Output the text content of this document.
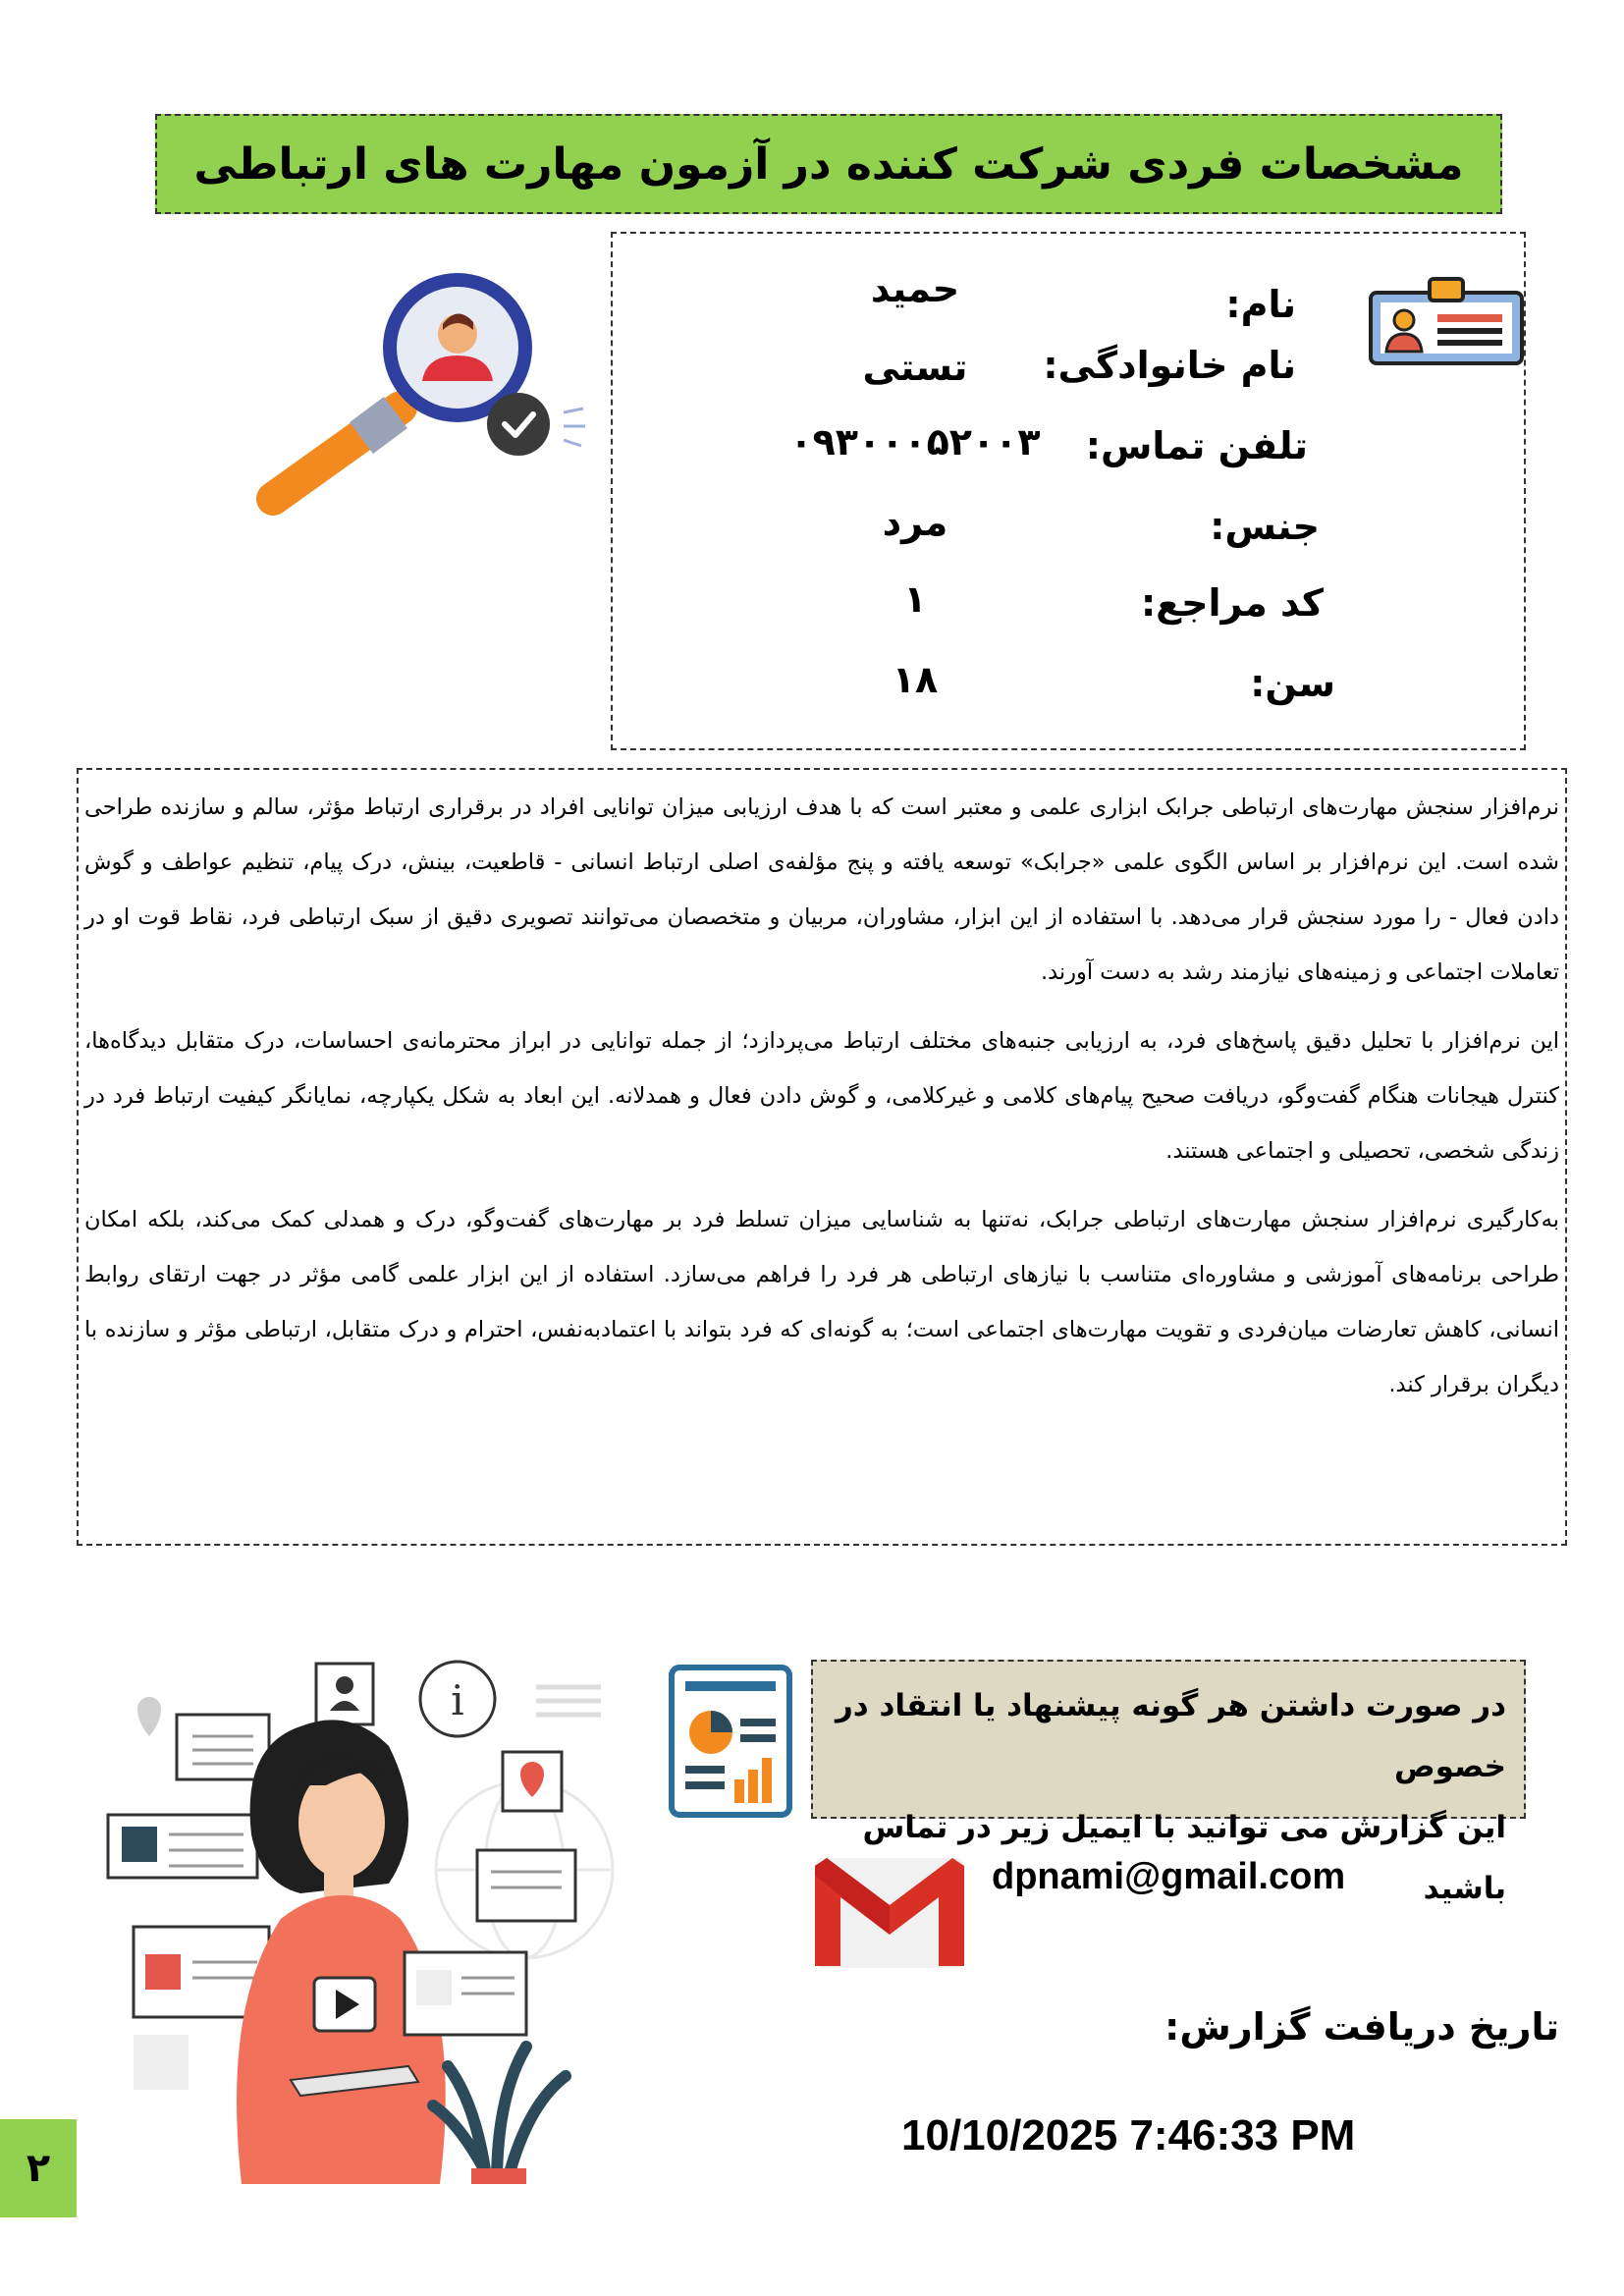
مشخصات فردی شرکت کننده در آزمون مهارت های ارتباطی
نام:
حمید
نام خانوادگی:
تستی
تلفن تماس:
۰۹۳۰۰۰۵۲۰۰۳
جنس:
مرد
کد مراجع:
۱
سن:
۱۸

نرم‌افزار سنجش مهارت‌های ارتباطی جرابک ابزاری علمی و معتبر است که با هدف ارزیابی میزان توانایی افراد در برقراری ارتباط مؤثر، سالم و سازنده طراحی شده است. این نرم‌افزار بر اساس الگوی علمی «جرابک» توسعه یافته و پنج مؤلفه‌ی اصلی ارتباط انسانی - قاطعیت، بینش، درک پیام، تنظیم عواطف و گوش دادن فعال - را مورد سنجش قرار می‌دهد. با استفاده از این ابزار، مشاوران، مربیان و متخصصان می‌توانند تصویری دقیق از سبک ارتباطی فرد، نقاط قوت او در تعاملات اجتماعی و زمینه‌های نیازمند رشد به دست آورند.

این نرم‌افزار با تحلیل دقیق پاسخ‌های فرد، به ارزیابی جنبه‌های مختلف ارتباط می‌پردازد؛ از جمله توانایی در ابراز محترمانه‌ی احساسات، درک متقابل دیدگاه‌ها، کنترل هیجانات هنگام گفت‌وگو، دریافت صحیح پیام‌های کلامی و غیرکلامی، و گوش دادن فعال و همدلانه. این ابعاد به شکل یکپارچه، نمایانگر کیفیت ارتباط فرد در زندگی شخصی، تحصیلی و اجتماعی هستند.

به‌کارگیری نرم‌افزار سنجش مهارت‌های ارتباطی جرابک، نه‌تنها به شناسایی میزان تسلط فرد بر مهارت‌های گفت‌وگو، درک و همدلی کمک می‌کند، بلکه امکان طراحی برنامه‌های آموزشی و مشاوره‌ای متناسب با نیازهای ارتباطی هر فرد را فراهم می‌سازد. استفاده از این ابزار علمی گامی مؤثر در جهت ارتقای روابط انسانی، کاهش تعارضات میان‌فردی و تقویت مهارت‌های اجتماعی است؛ به گونه‌ای که فرد بتواند با اعتمادبه‌نفس، احترام و درک متقابل، ارتباطی مؤثر و سازنده با دیگران برقرار کند.

i	در صورت داشتن هر گونه پیشنهاد یا انتقاد در خصوص
این گزارش می توانید با ایمیل زیر در تماس باشید
dpnami@gmail.com
تاریخ دریافت گزارش:
10/10/2025 7:46:33 PM
۲
